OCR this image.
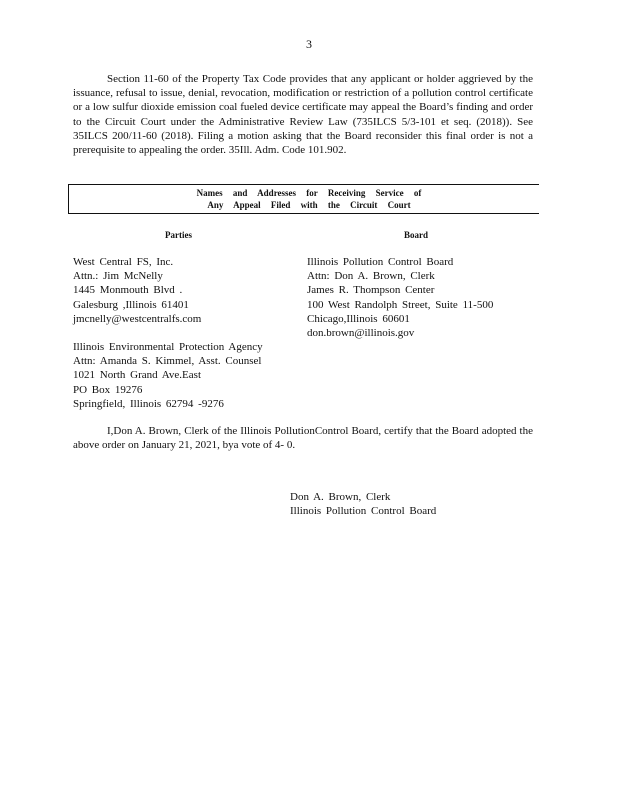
3

Section 11-60 of the Property Tax Code provides that any applicant or holder aggrieved by the issuance, refusal to issue, denial, revocation, modification or restriction of a pollution control certificate or a low sulfur dioxide emission coal fueled device certificate may appeal the Board’s finding and order to the Circuit Court under the Administrative Review Law (735ILCS 5/3-101 et seq. (2018)). See 35ILCS 200/11-60 (2018). Filing a motion asking that the Board reconsider this final order is not a prerequisite to appealing the order. 35Ill. Adm. Code 101.902.

Names and Addresses for Receiving Service of
Any Appeal Filed with the Circuit Court
Parties	Board
West Central FS, Inc.
Attn.: Jim McNelly
1445 Monmouth Blvd .
Galesburg ,Illinois 61401
jmcnelly@westcentralfs.com
Illinois Environmental Protection Agency
Attn: Amanda S. Kimmel, Asst. Counsel
1021 North Grand Ave.East
PO Box 19276
Springfield, Illinois 62794 -9276
Illinois Pollution Control Board
Attn: Don A. Brown, Clerk
James R. Thompson Center
100 West Randolph Street, Suite 11-500
Chicago,Illinois 60601
don.brown@illinois.gov

I,Don A. Brown, Clerk of the Illinois PollutionControl Board, certify that the Board adopted the above order on January 21, 2021, bya vote of 4- 0.

Don A. Brown, Clerk
Illinois Pollution Control Board
